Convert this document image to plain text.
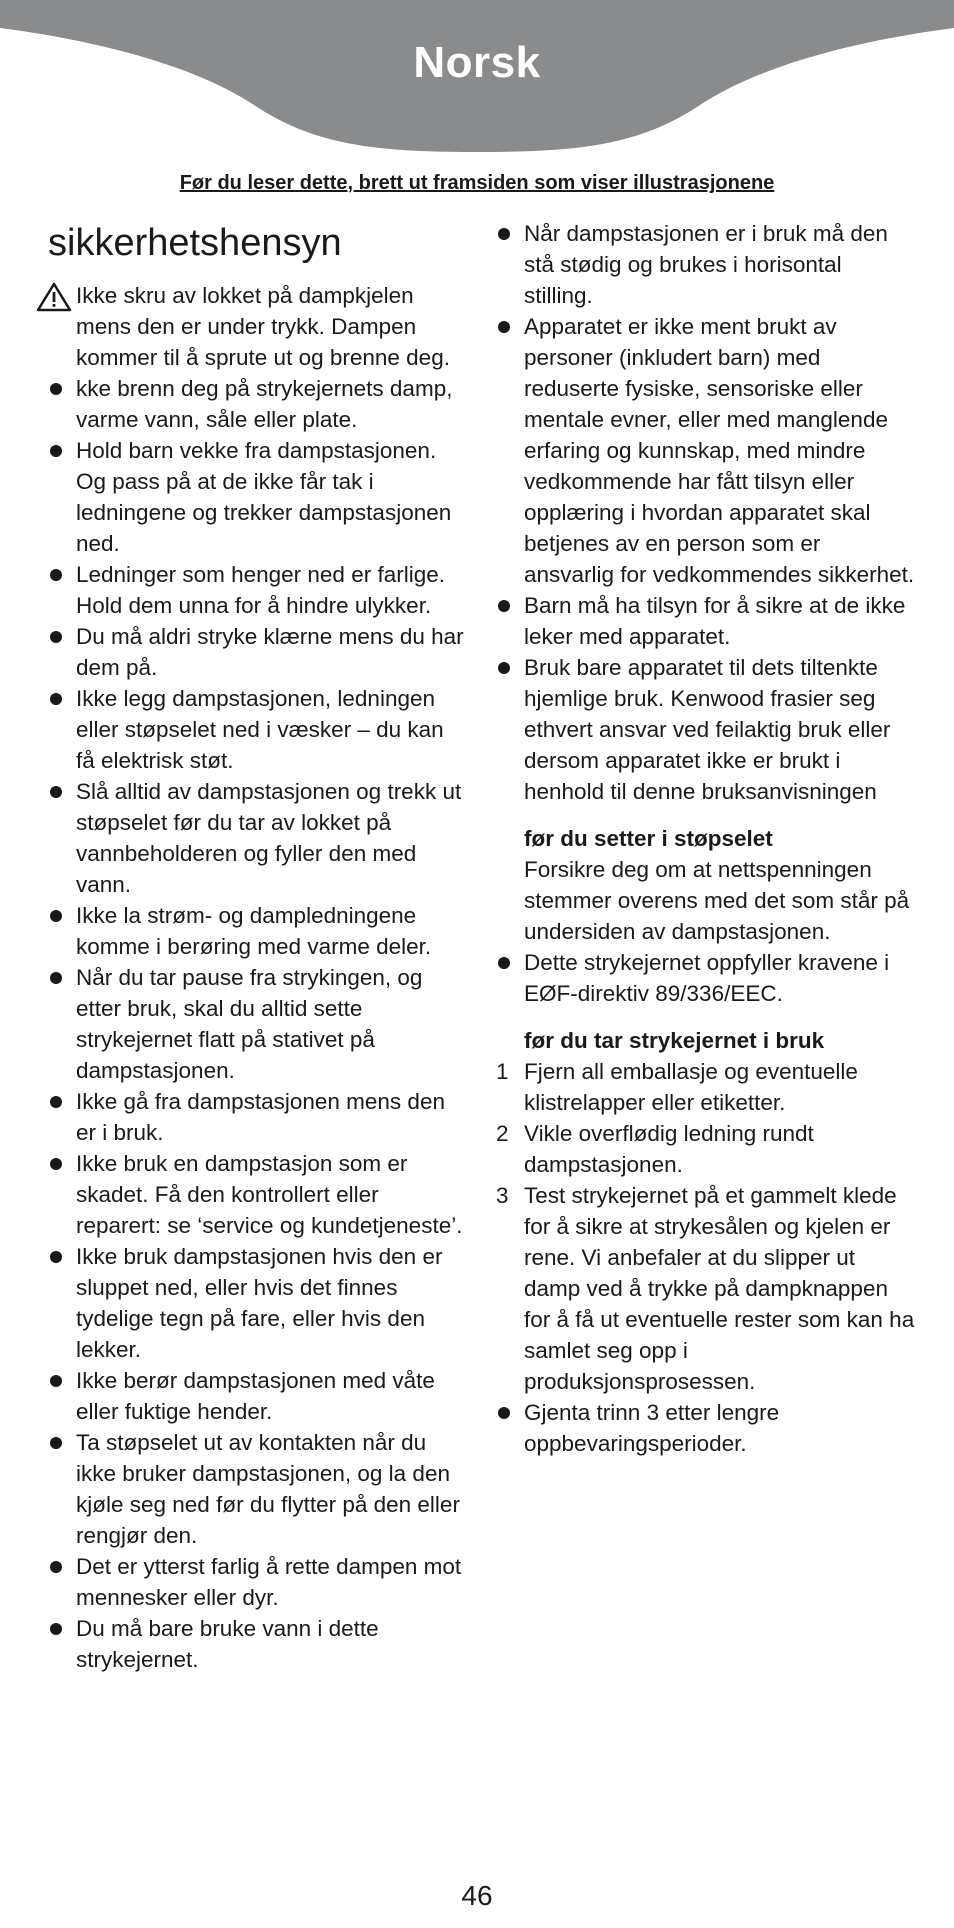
Norsk
Før du leser dette, brett ut framsiden som viser illustrasjonene
sikkerhetshensyn
Ikke skru av lokket på dampkjelen mens den er under trykk. Dampen kommer til å sprute ut og brenne deg.
kke brenn deg på strykejernets damp, varme vann, såle eller plate.
Hold barn vekke fra dampstasjonen. Og pass på at de ikke får tak i ledningene og trekker dampstasjonen ned.
Ledninger som henger ned er farlige. Hold dem unna for å hindre ulykker.
Du må aldri stryke klærne mens du har dem på.
Ikke legg dampstasjonen, ledningen eller støpselet ned i væsker – du kan få elektrisk støt.
Slå alltid av dampstasjonen og trekk ut støpselet før du tar av lokket på vannbeholderen og fyller den med vann.
Ikke la strøm- og dampledningene komme i berøring med varme deler.
Når du tar pause fra strykingen, og etter bruk, skal du alltid sette strykejernet flatt på stativet på dampstasjonen.
Ikke gå fra dampstasjonen mens den er i bruk.
Ikke bruk en dampstasjon som er skadet. Få den kontrollert eller reparert: se ‘service og kundetjeneste’.
Ikke bruk dampstasjonen hvis den er sluppet ned, eller hvis det finnes tydelige tegn på fare, eller hvis den lekker.
Ikke berør dampstasjonen med våte eller fuktige hender.
Ta støpselet ut av kontakten når du ikke bruker dampstasjonen, og la den kjøle seg ned før du flytter på den eller rengjør den.
Det er ytterst farlig å rette dampen mot mennesker eller dyr.
Du må bare bruke vann i dette strykejernet.
Når dampstasjonen er i bruk må den stå stødig og brukes i horisontal stilling.
Apparatet er ikke ment brukt av personer (inkludert barn) med reduserte fysiske, sensoriske eller mentale evner, eller med manglende erfaring og kunnskap, med mindre vedkommende har fått tilsyn eller opplæring i hvordan apparatet skal betjenes av en person som er ansvarlig for vedkommendes sikkerhet.
Barn må ha tilsyn for å sikre at de ikke leker med apparatet.
Bruk bare apparatet til dets tiltenkte hjemlige bruk. Kenwood frasier seg ethvert ansvar ved feilaktig bruk eller dersom apparatet ikke er brukt i henhold til denne bruksanvisningen
før du setter i støpselet
Forsikre deg om at nettspenningen stemmer overens med det som står på undersiden av dampstasjonen.
Dette strykejernet oppfyller kravene i EØF-direktiv 89/336/EEC.
før du tar strykejernet i bruk
1 Fjern all emballasje og eventuelle klistrelapper eller etiketter.
2 Vikle overflødig ledning rundt dampstasjonen.
3 Test strykejernet på et gammelt klede for å sikre at strykesålen og kjelen er rene. Vi anbefaler at du slipper ut damp ved å trykke på dampknappen for å få ut eventuelle rester som kan ha samlet seg opp i produksjonsprosessen.
Gjenta trinn 3 etter lengre oppbevaringsperioder.
46
